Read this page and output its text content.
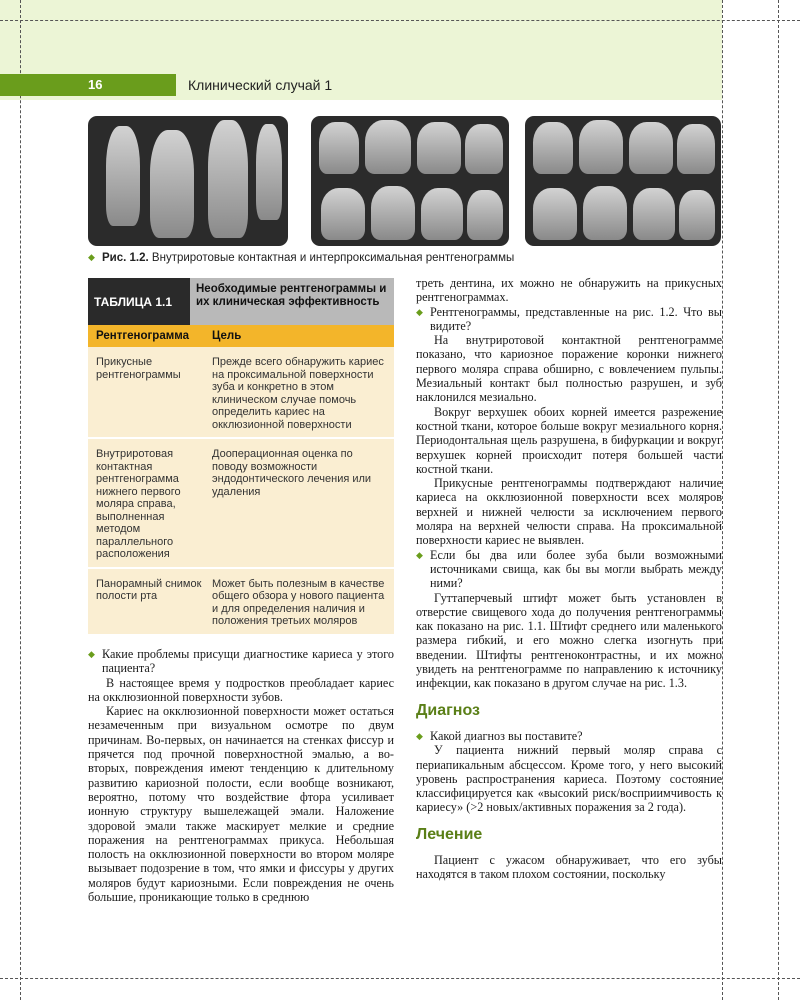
16	Клинический случай 1
◆ Рис. 1.2. Внутриротовые контактная и интерпроксимальная рентгенограммы
ТАБЛИЦА 1.1
Необходимые рентгенограммы и их клиническая эффективность
Рентгенограмма	Цель
Прикусные рентгенограммы
Прежде всего обнаружить кариес на проксимальной поверхности зуба и конкретно в этом клиническом случае помочь определить кариес на окклюзионной поверхности
Внутриротовая контактная рентгенограмма нижнего первого моляра справа, выполненная методом параллельного расположения
Дооперационная оценка по поводу возможности эндодонтического лечения или удаления
Панорамный снимок полости рта
Может быть полезным в качестве общего обзора у нового пациента и для определения наличия и положения третьих моляров

◆ Какие проблемы присущи диагностике кариеса у этого пациента?

В настоящее время у подростков преобладает кариес на окклюзионной поверхности зубов.

Кариес на окклюзионной поверхности может остаться незамеченным при визуальном осмотре по двум причинам. Во-первых, он начинается на стенках фиссур и прячется под прочной поверхностной эмалью, а во-вторых, повреждения имеют тенденцию к длительному развитию кариозной полости, если вообще возникают, вероятно, потому что воздействие фтора усиливает ионную структуру вышележащей эмали. Наложение здоровой эмали также маскирует мелкие и средние поражения на рентгенограммах прикуса. Небольшая полость на окклюзионной поверхности во втором моляре вызывает подозрение в том, что ямки и фиссуры у других моляров будут кариозными. Если повреждения не очень большие, проникающие только в среднюю

треть дентина, их можно не обнаружить на прикусных рентгенограммах.

◆ Рентгенограммы, представленные на рис. 1.2. Что вы видите?

На внутриротовой контактной рентгенограмме показано, что кариозное поражение коронки нижнего первого моляра справа обширно, с вовлечением пульпы. Мезиальный контакт был полностью разрушен, и зуб наклонился мезиально.

Вокруг верхушек обоих корней имеется разрежение костной ткани, которое больше вокруг мезиального корня. Периодонтальная щель разрушена, в бифуркации и вокруг верхушек корней происходит потеря большей части костной ткани.

Прикусные рентгенограммы подтверждают наличие кариеса на окклюзионной поверхности всех моляров верхней и нижней челюсти за исключением первого моляра на верхней челюсти справа. На проксимальной поверхности кариес не выявлен.

◆ Если бы два или более зуба были возможными источниками свища, как бы вы могли выбрать между ними?

Гуттаперчевый штифт может быть установлен в отверстие свищевого хода до получения рентгенограммы как показано на рис. 1.1. Штифт среднего или маленького размера гибкий, и его можно слегка изогнуть при введении. Штифты рентгеноконтрастны, и их можно увидеть на рентгенограмме по направлению к источнику инфекции, как показано в другом случае на рис. 1.3.

Диагноз

◆ Какой диагноз вы поставите?

У пациента нижний первый моляр справа с периапикальным абсцессом. Кроме того, у него высокий уровень распространения кариеса. Поэтому состояние классифицируется как «высокий риск/восприимчивость к кариесу» (>2 новых/активных поражения за 2 года).

Лечение

Пациент с ужасом обнаруживает, что его зубы находятся в таком плохом состоянии, поскольку
